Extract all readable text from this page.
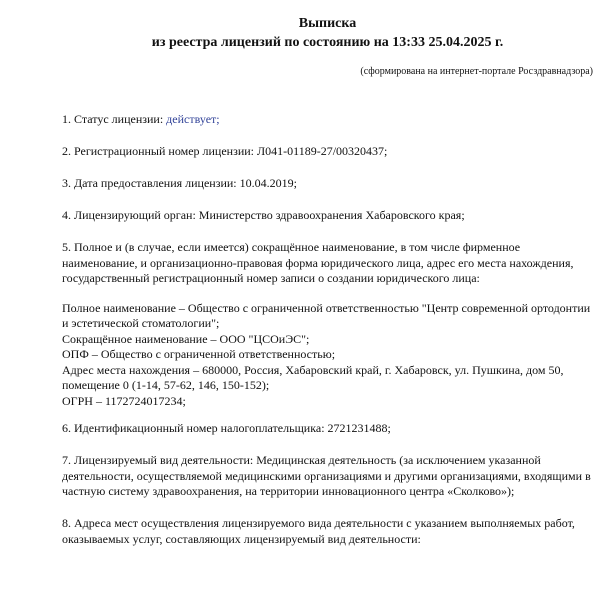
Выписка
из реестра лицензий по состоянию на 13:33 25.04.2025 г.
(сформирована на интернет-портале Росздравнадзора)

1. Статус лицензии: действует;

2. Регистрационный номер лицензии: Л041-01189-27/00320437;

3. Дата предоставления лицензии: 10.04.2019;

4. Лицензирующий орган: Министерство здравоохранения Хабаровского края;

5. Полное и (в случае, если имеется) сокращённое наименование, в том числе фирменное наименование, и организационно-правовая форма юридического лица, адрес его места нахождения, государственный регистрационный номер записи о создании юридического лица:

Полное наименование – Общество с ограниченной ответственностью "Центр современной ортодонтии и эстетической стоматологии";
Сокращённое наименование – ООО "ЦСОиЭС";
ОПФ – Общество с ограниченной ответственностью;
Адрес места нахождения – 680000, Россия, Хабаровский край, г. Хабаровск, ул. Пушкина, дом 50, помещение 0 (1-14, 57-62, 146, 150-152);
ОГРН – 1172724017234;

6. Идентификационный номер налогоплательщика: 2721231488;

7. Лицензируемый вид деятельности: Медицинская деятельность (за исключением указанной деятельности, осуществляемой медицинскими организациями и другими организациями, входящими в частную систему здравоохранения, на территории инновационного центра «Сколково»);

8. Адреса мест осуществления лицензируемого вида деятельности с указанием выполняемых работ, оказываемых услуг, составляющих лицензируемый вид деятельности:
